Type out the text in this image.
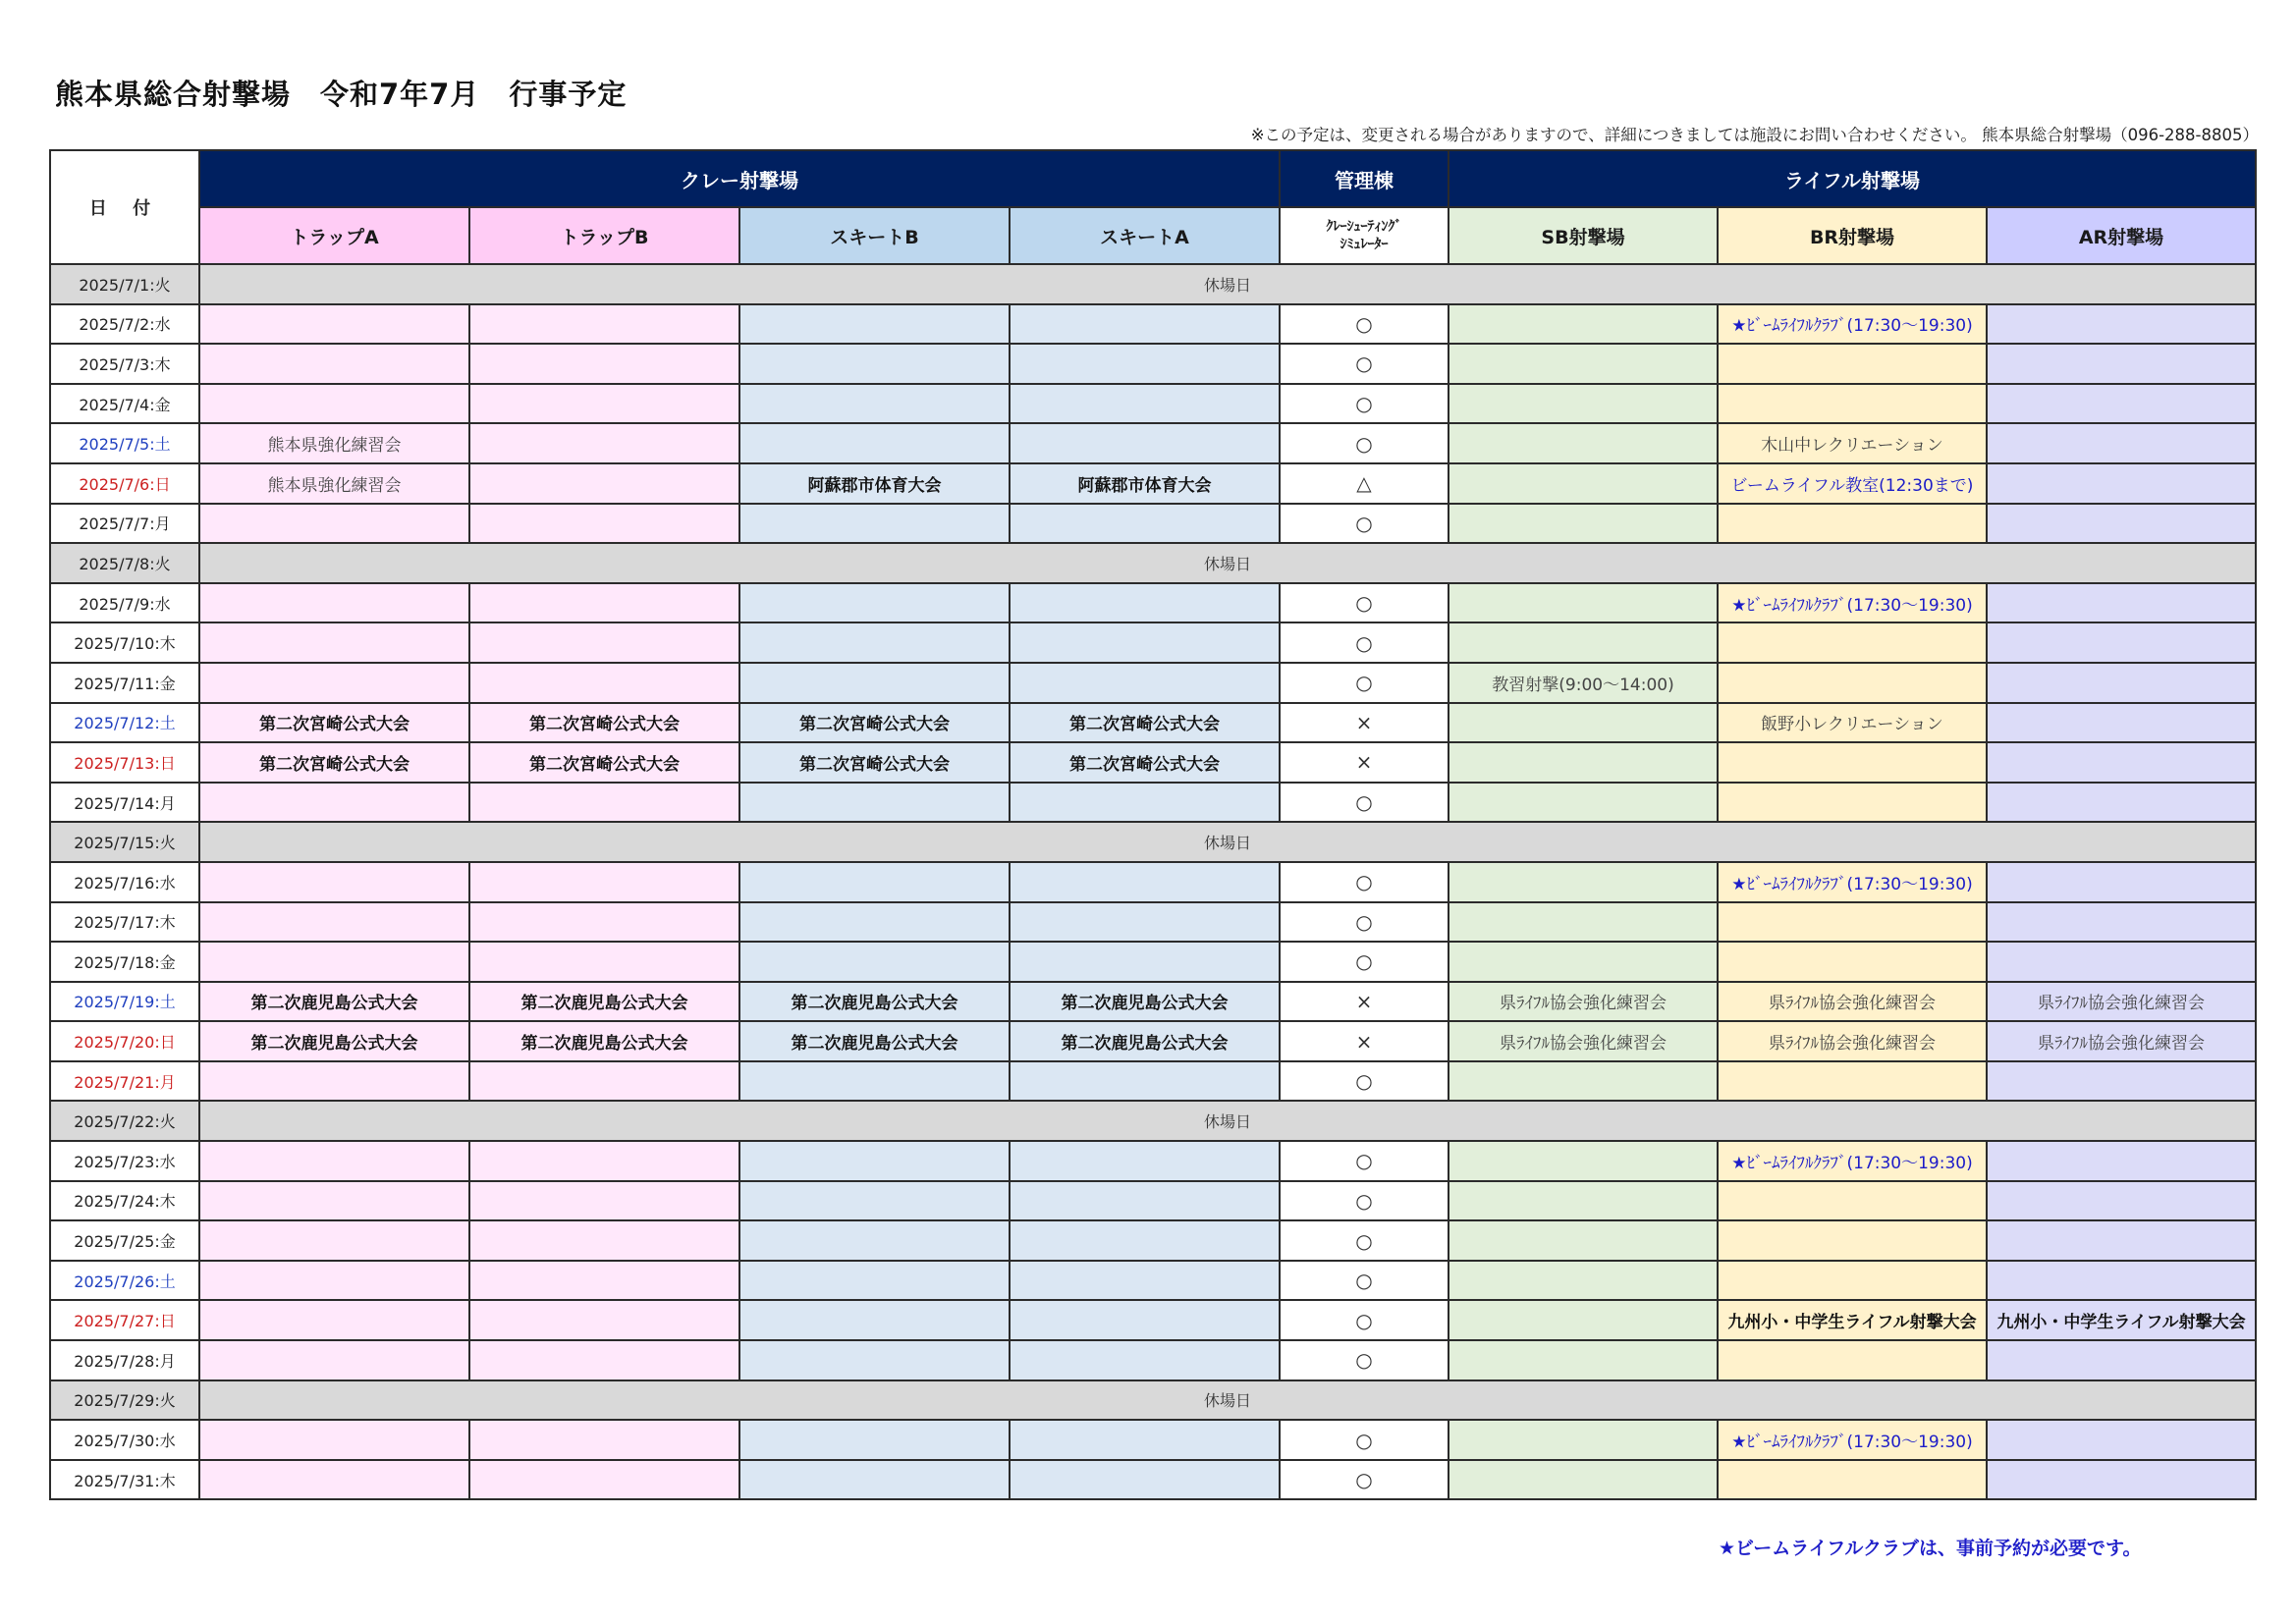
熊本県総合射撃場　令和7年7月　行事予定
※この予定は、変更される場合がありますので、詳細につきましては施設にお問い合わせください。 熊本県総合射撃場（096-288-8805）
日 付	クレー射撃場				管理棟	ライフル射撃場		
	トラップA	トラップB	スキートB	スキートA	ｸﾚｰｼｭｰﾃｨﾝｸﾞ
ｼﾐｭﾚｰﾀｰ	SB射撃場	BR射撃場	AR射撃場
2025/7/1:火	休場日							
2025/7/2:水					○		★ﾋﾞｰﾑﾗｲﾌﾙｸﾗﾌﾞ(17:30～19:30)	
2025/7/3:木					○			
2025/7/4:金					○			
2025/7/5:土	熊本県強化練習会				○		木山中レクリエーション	
2025/7/6:日	熊本県強化練習会		阿蘇郡市体育大会	阿蘇郡市体育大会	△		ビームライフル教室(12:30まで)	
2025/7/7:月					○			
2025/7/8:火	休場日							
2025/7/9:水					○		★ﾋﾞｰﾑﾗｲﾌﾙｸﾗﾌﾞ(17:30～19:30)	
2025/7/10:木					○			
2025/7/11:金					○	教習射撃(9:00～14:00)		
2025/7/12:土	第二次宮崎公式大会	第二次宮崎公式大会	第二次宮崎公式大会	第二次宮崎公式大会	×		飯野小レクリエーション	
2025/7/13:日	第二次宮崎公式大会	第二次宮崎公式大会	第二次宮崎公式大会	第二次宮崎公式大会	×			
2025/7/14:月					○			
2025/7/15:火	休場日							
2025/7/16:水					○		★ﾋﾞｰﾑﾗｲﾌﾙｸﾗﾌﾞ(17:30～19:30)	
2025/7/17:木					○			
2025/7/18:金					○			
2025/7/19:土	第二次鹿児島公式大会	第二次鹿児島公式大会	第二次鹿児島公式大会	第二次鹿児島公式大会	×	県ﾗｲﾌﾙ協会強化練習会	県ﾗｲﾌﾙ協会強化練習会	県ﾗｲﾌﾙ協会強化練習会
2025/7/20:日	第二次鹿児島公式大会	第二次鹿児島公式大会	第二次鹿児島公式大会	第二次鹿児島公式大会	×	県ﾗｲﾌﾙ協会強化練習会	県ﾗｲﾌﾙ協会強化練習会	県ﾗｲﾌﾙ協会強化練習会
2025/7/21:月					○			
2025/7/22:火	休場日							
2025/7/23:水					○		★ﾋﾞｰﾑﾗｲﾌﾙｸﾗﾌﾞ(17:30～19:30)	
2025/7/24:木					○			
2025/7/25:金					○			
2025/7/26:土					○			
2025/7/27:日					○		九州小・中学生ライフル射撃大会	九州小・中学生ライフル射撃大会
2025/7/28:月					○			
2025/7/29:火	休場日							
2025/7/30:水					○		★ﾋﾞｰﾑﾗｲﾌﾙｸﾗﾌﾞ(17:30～19:30)	
2025/7/31:木					○			
★ビームライフルクラブは、事前予約が必要です。
